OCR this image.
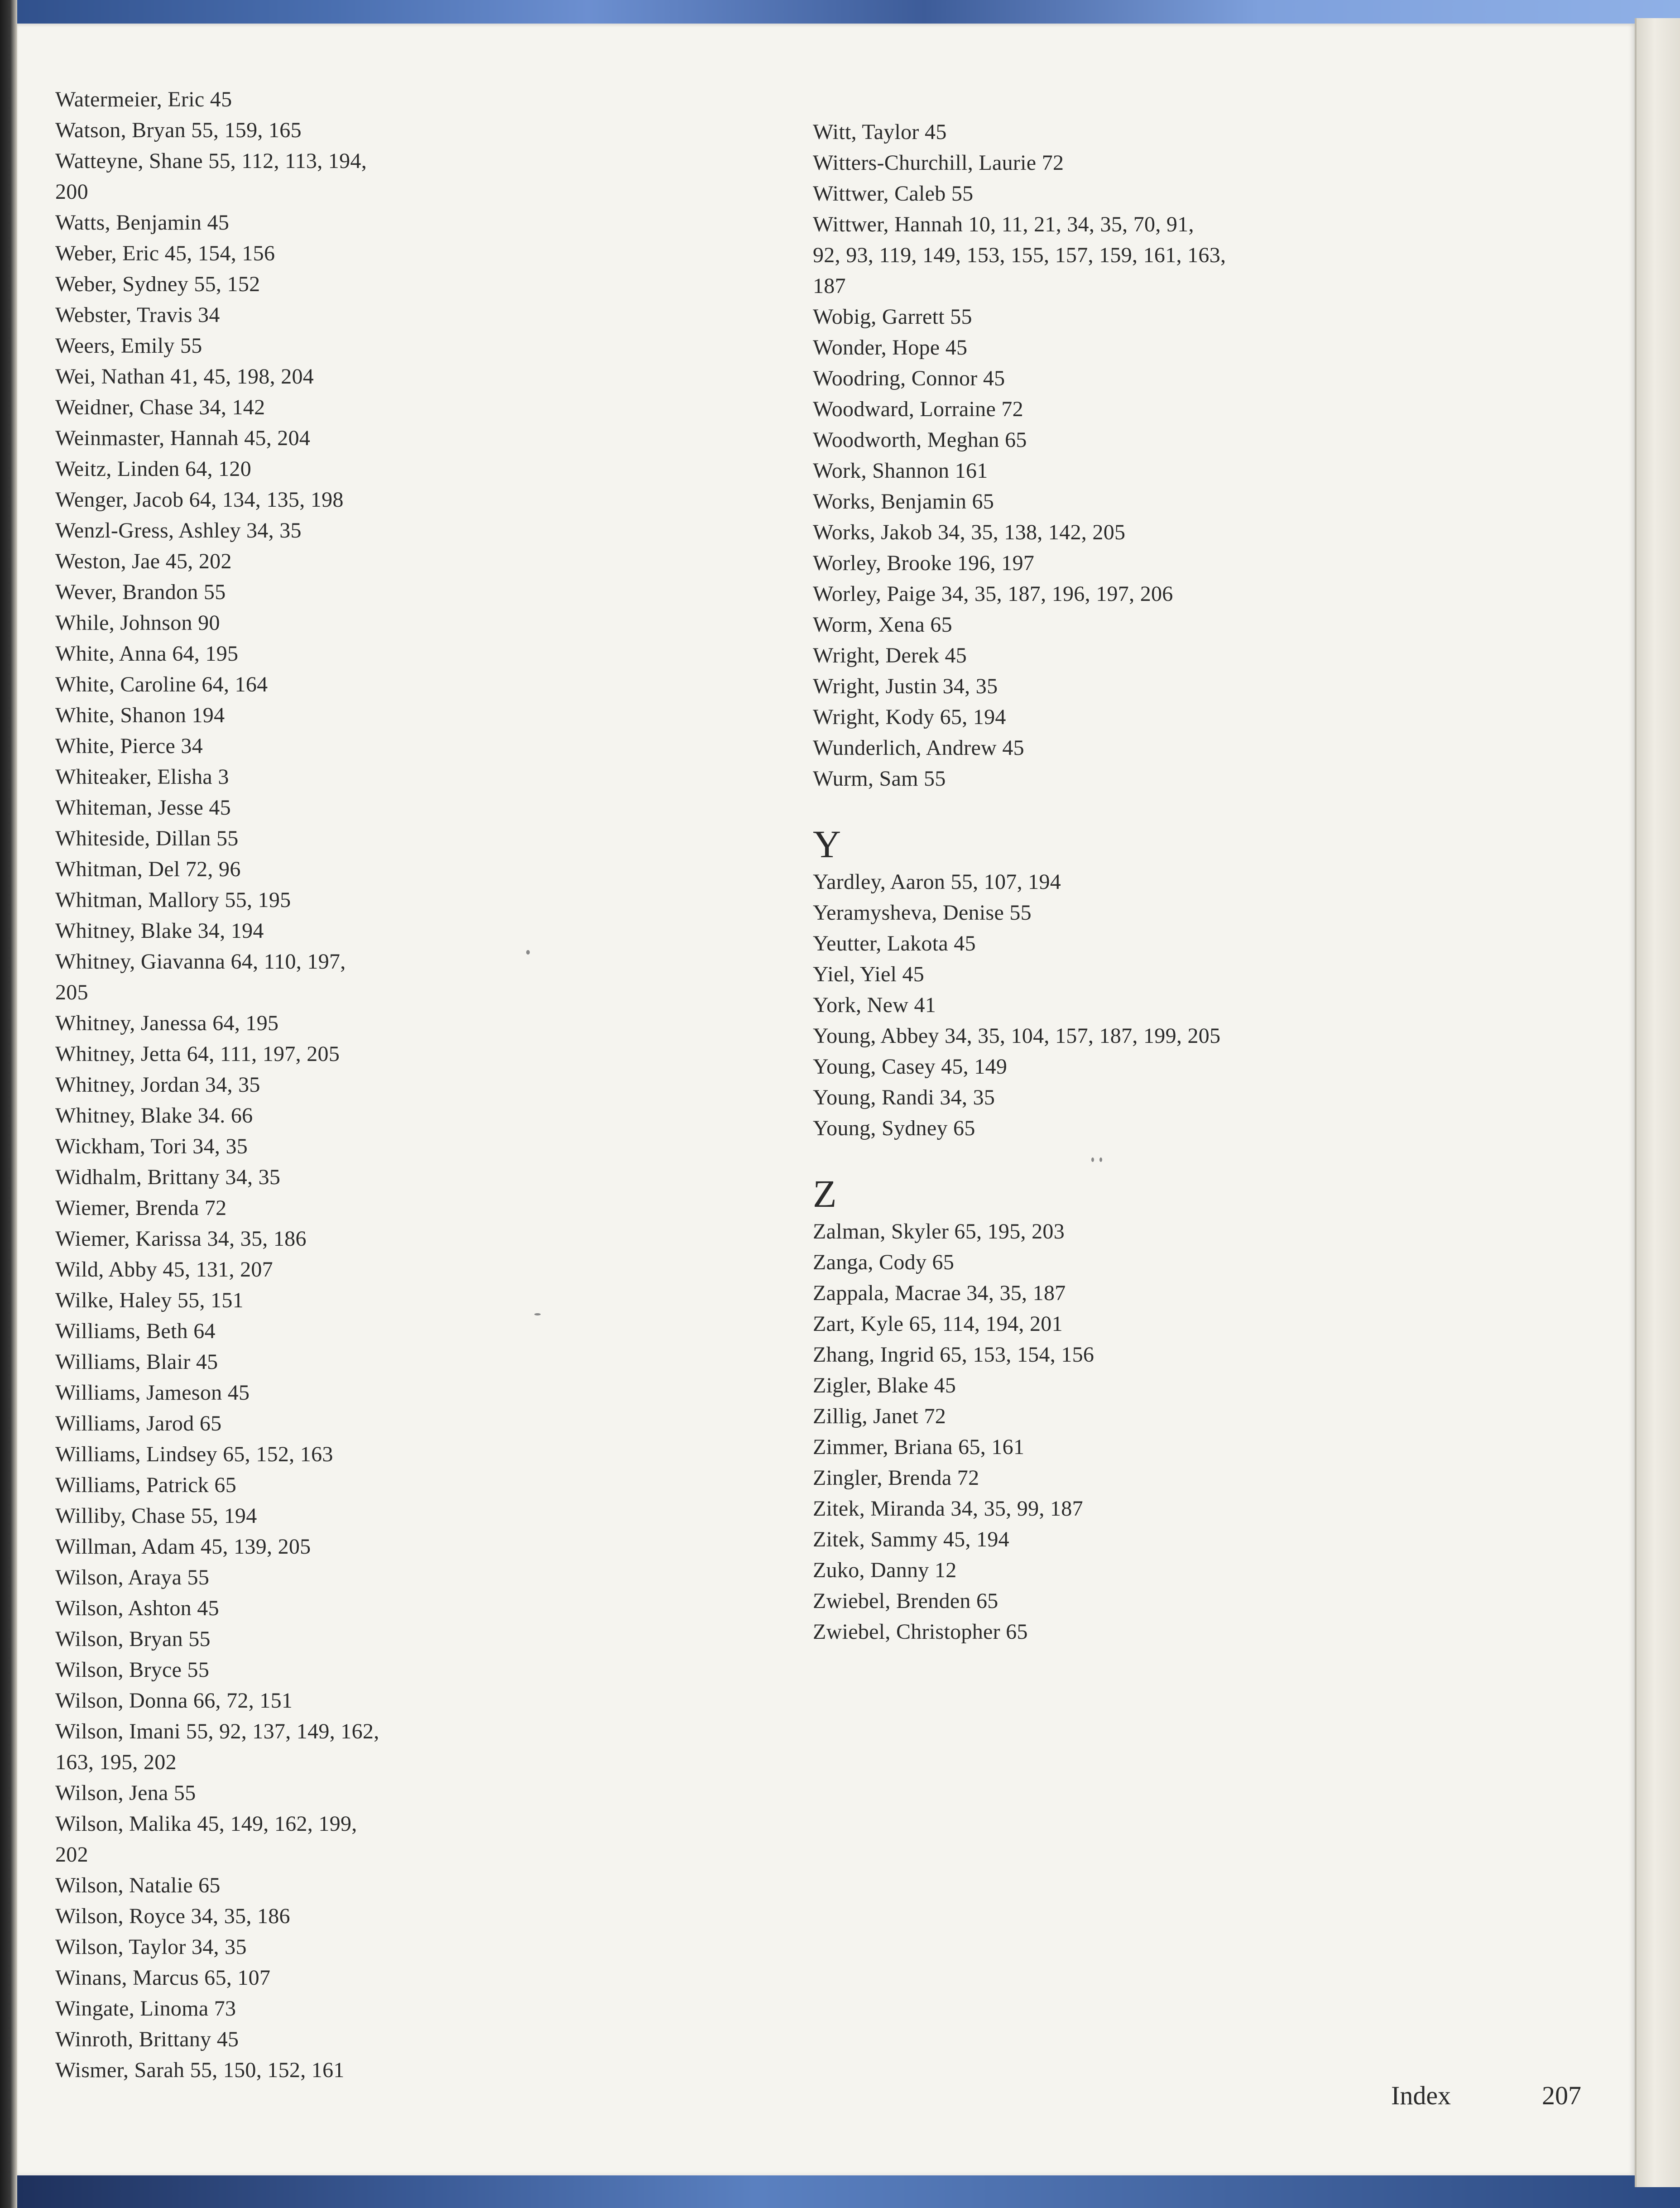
Watermeier, Eric 45
Watson, Bryan 55, 159, 165
Watteyne, Shane 55, 112, 113, 194,
200
Watts, Benjamin 45
Weber, Eric 45, 154, 156
Weber, Sydney 55, 152
Webster, Travis 34
Weers, Emily 55
Wei, Nathan 41, 45, 198, 204
Weidner, Chase 34, 142
Weinmaster, Hannah 45, 204
Weitz, Linden 64, 120
Wenger, Jacob 64, 134, 135, 198
Wenzl-Gress, Ashley 34, 35
Weston, Jae 45, 202
Wever, Brandon 55
While, Johnson 90
White, Anna 64, 195
White, Caroline 64, 164
White, Shanon 194
White, Pierce 34
Whiteaker, Elisha 3
Whiteman, Jesse 45
Whiteside, Dillan 55
Whitman, Del 72, 96
Whitman, Mallory 55, 195
Whitney, Blake 34, 194
Whitney, Giavanna 64, 110, 197,
205
Whitney, Janessa 64, 195
Whitney, Jetta 64, 111, 197, 205
Whitney, Jordan 34, 35
Whitney, Blake 34. 66
Wickham, Tori 34, 35
Widhalm, Brittany 34, 35
Wiemer, Brenda 72
Wiemer, Karissa 34, 35, 186
Wild, Abby 45, 131, 207
Wilke, Haley 55, 151
Williams, Beth 64
Williams, Blair 45
Williams, Jameson 45
Williams, Jarod 65
Williams, Lindsey 65, 152, 163
Williams, Patrick 65
Williby, Chase 55, 194
Willman, Adam 45, 139, 205
Wilson, Araya 55
Wilson, Ashton 45
Wilson, Bryan 55
Wilson, Bryce 55
Wilson, Donna 66, 72, 151
Wilson, Imani 55, 92, 137, 149, 162,
163, 195, 202
Wilson, Jena 55
Wilson, Malika 45, 149, 162, 199,
202
Wilson, Natalie 65
Wilson, Royce 34, 35, 186
Wilson, Taylor 34, 35
Winans, Marcus 65, 107
Wingate, Linoma 73
Winroth, Brittany 45
Wismer, Sarah 55, 150, 152, 161
Witt, Taylor 45
Witters-Churchill, Laurie 72
Wittwer, Caleb 55
Wittwer, Hannah 10, 11, 21, 34, 35, 70, 91,
92, 93, 119, 149, 153, 155, 157, 159, 161, 163,
187
Wobig, Garrett 55
Wonder, Hope 45
Woodring, Connor 45
Woodward, Lorraine 72
Woodworth, Meghan 65
Work, Shannon 161
Works, Benjamin 65
Works, Jakob 34, 35, 138, 142, 205
Worley, Brooke 196, 197
Worley, Paige 34, 35, 187, 196, 197, 206
Worm, Xena 65
Wright, Derek 45
Wright, Justin 34, 35
Wright, Kody 65, 194
Wunderlich, Andrew 45
Wurm, Sam 55
Y
Yardley, Aaron 55, 107, 194
Yeramysheva, Denise 55
Yeutter, Lakota 45
Yiel, Yiel 45
York, New 41
Young, Abbey 34, 35, 104, 157, 187, 199, 205
Young, Casey 45, 149
Young, Randi 34, 35
Young, Sydney 65
Z
Zalman, Skyler 65, 195, 203
Zanga, Cody 65
Zappala, Macrae 34, 35, 187
Zart, Kyle 65, 114, 194, 201
Zhang, Ingrid 65, 153, 154, 156
Zigler, Blake 45
Zillig, Janet 72
Zimmer, Briana 65, 161
Zingler, Brenda 72
Zitek, Miranda 34, 35, 99, 187
Zitek, Sammy 45, 194
Zuko, Danny 12
Zwiebel, Brenden 65
Zwiebel, Christopher 65
Index	207
